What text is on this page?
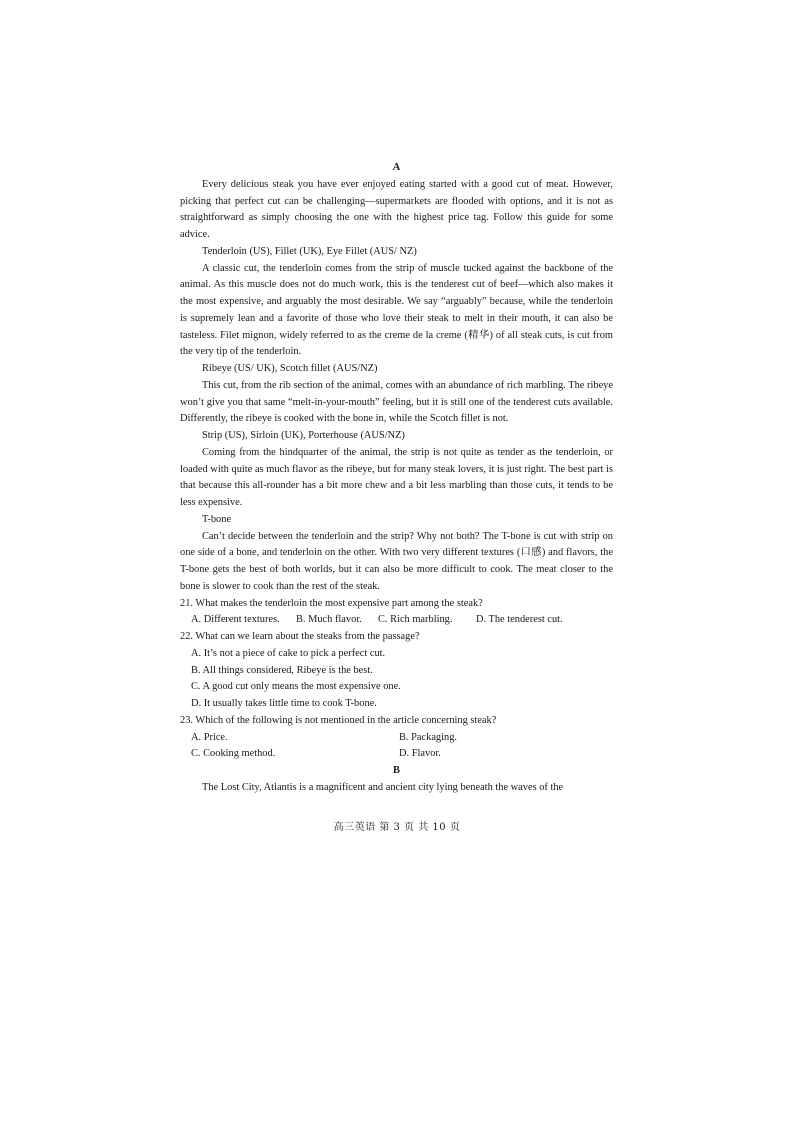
A

Every delicious steak you have ever enjoyed eating started with a good cut of meat. However, picking that perfect cut can be challenging—supermarkets are flooded with options, and it is not as straightforward as simply choosing the one with the highest price tag. Follow this guide for some advice.

Tenderloin (US), Fillet (UK), Eye Fillet (AUS/ NZ)

A classic cut, the tenderloin comes from the strip of muscle tucked against the backbone of the animal. As this muscle does not do much work, this is the tenderest cut of beef—which also makes it the most expensive, and arguably the most desirable. We say “arguably” because, while the tenderloin is supremely lean and a favorite of those who love their steak to melt in their mouth, it can also be tasteless. Filet mignon, widely referred to as the creme de la creme (精华) of all steak cuts, is cut from the very tip of the tenderloin.

Ribeye (US/ UK), Scotch fillet (AUS/NZ)

This cut, from the rib section of the animal, comes with an abundance of rich marbling. The ribeye won’t give you that same “melt-in-your-mouth” feeling, but it is still one of the tenderest cuts available. Differently, the ribeye is cooked with the bone in, while the Scotch fillet is not.

Strip (US), Sirloin (UK), Porterhouse (AUS/NZ)

Coming from the hindquarter of the animal, the strip is not quite as tender as the tenderloin, or loaded with quite as much flavor as the ribeye, but for many steak lovers, it is just right. The best part is that because this all-rounder has a bit more chew and a bit less marbling than those cuts, it tends to be less expensive.

T-bone

Can’t decide between the tenderloin and the strip? Why not both? The T-bone is cut with strip on one side of a bone, and tenderloin on the other. With two very different textures (口感) and flavors, the T-bone gets the best of both worlds, but it can also be more difficult to cook. The meat closer to the bone is slower to cook than the rest of the steak.

21. What makes the tenderloin the most expensive part among the steak?

A. Different textures.	B. Much flavor.	C. Rich marbling.	D. The tenderest cut.

22. What can we learn about the steaks from the passage?

A. It’s not a piece of cake to pick a perfect cut.

B. All things considered, Ribeye is the best.

C. A good cut only means the most expensive one.

D. It usually takes little time to cook T-bone.

23. Which of the following is not mentioned in the article concerning steak?

A. Price.	B. Packaging.
C. Cooking method.	D. Flavor.

B

The Lost City, Atlantis is a magnificent and ancient city lying beneath the waves of the

高三英语 第 3 页 共 10 页
